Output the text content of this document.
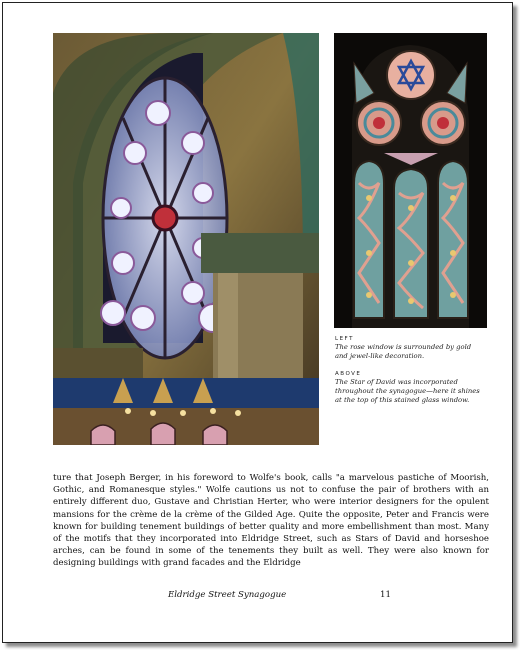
LEFT

The rose window is surrounded by gold and jewel-like decoration.

ABOVE

The Star of David was incorporated throughout the synagogue—here it shines at the top of this stained glass window.

ture that Joseph Berger, in his foreword to Wolfe's book, calls "a marvelous pastiche of Moorish, Gothic, and Romanesque styles." Wolfe cautions us not to confuse the pair of brothers with an entirely different duo, Gustave and Christian Herter, who were interior designers for the opulent mansions for the crème de la crème of the Gilded Age. Quite the opposite, Peter and Francis were known for building tenement buildings of better quality and more embellishment than most. Many of the motifs that they incorporated into Eldridge Street, such as Stars of David and horseshoe arches, can be found in some of the tenements they built as well. They were also known for designing buildings with grand facades and the Eldridge

Eldridge Street Synagogue	11
